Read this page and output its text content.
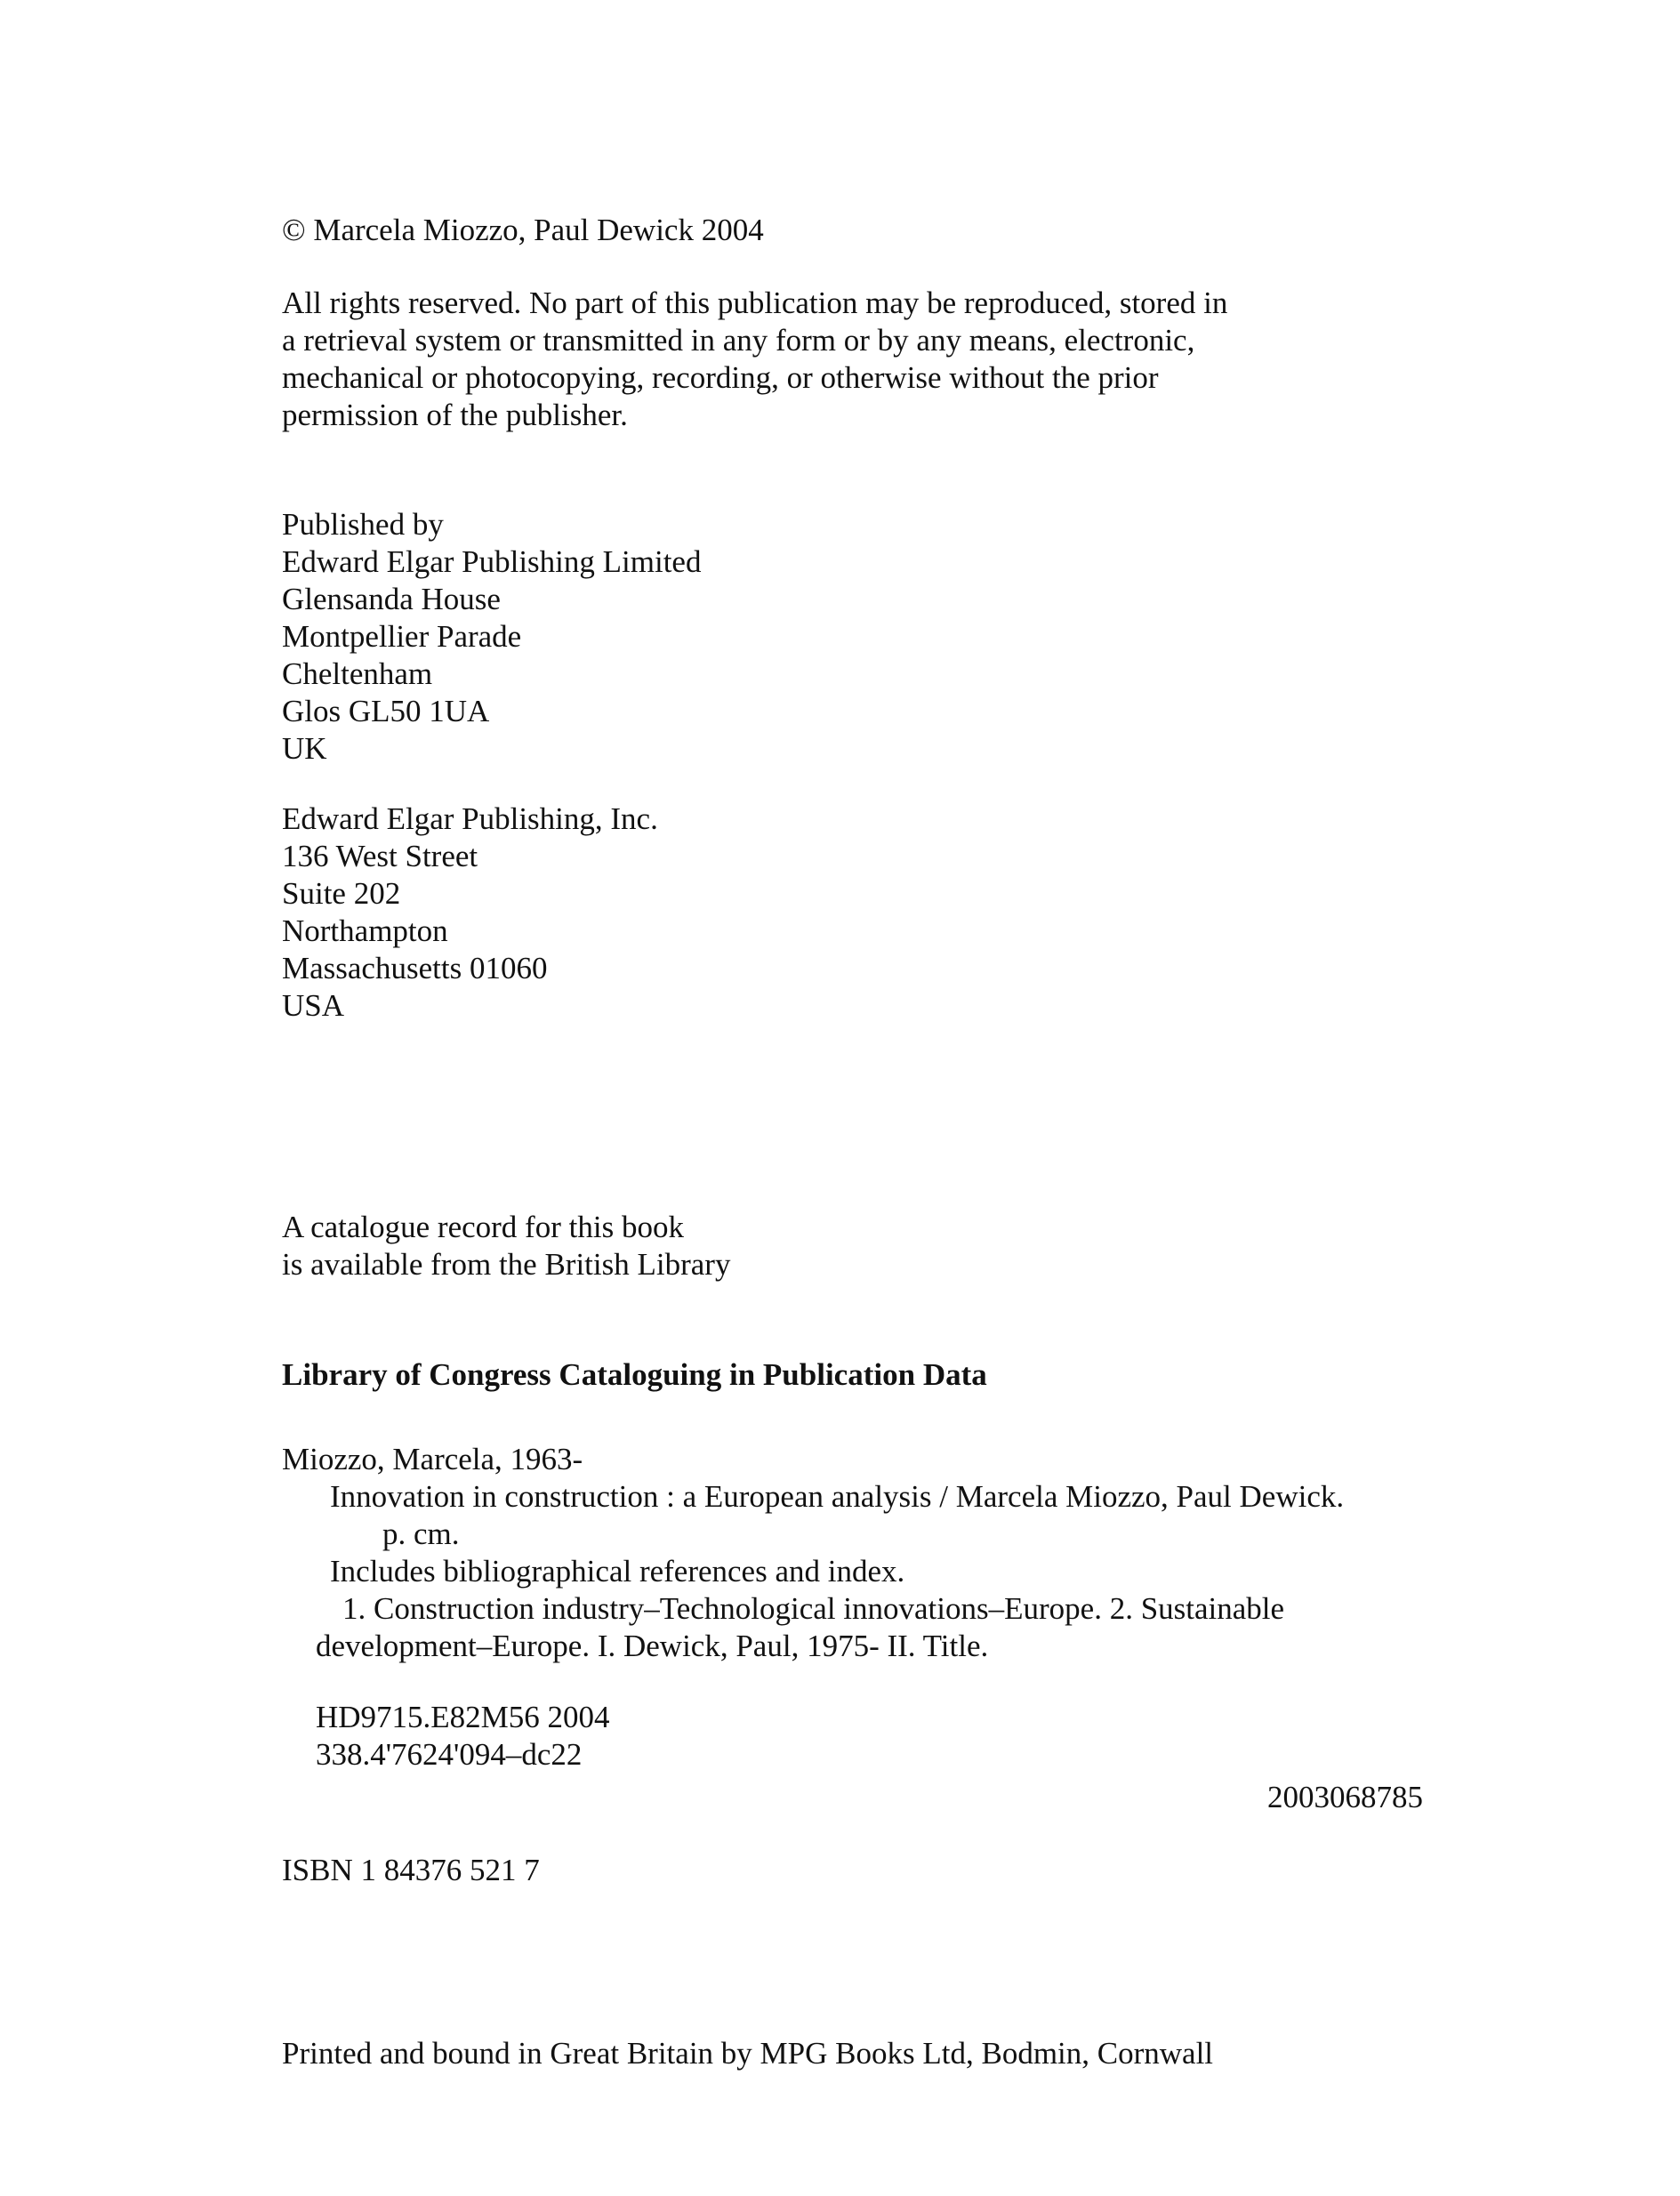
© Marcela Miozzo, Paul Dewick 2004

All rights reserved. No part of this publication may be reproduced, stored in
a retrieval system or transmitted in any form or by any means, electronic,
mechanical or photocopying, recording, or otherwise without the prior
permission of the publisher.

Published by
Edward Elgar Publishing Limited
Glensanda House
Montpellier Parade
Cheltenham
Glos GL50 1UA
UK

Edward Elgar Publishing, Inc.
136 West Street
Suite 202
Northampton
Massachusetts 01060
USA

A catalogue record for this book
is available from the British Library

Library of Congress Cataloguing in Publication Data

Miozzo, Marcela, 1963-
Innovation in construction : a European analysis / Marcela Miozzo, Paul Dewick.
p. cm.
Includes bibliographical references and index.
1. Construction industry–Technological innovations–Europe. 2. Sustainable
development–Europe. I. Dewick, Paul, 1975- II. Title.

HD9715.E82M56 2004
338.4'7624'094–dc22

2003068785

ISBN 1 84376 521 7

Printed and bound in Great Britain by MPG Books Ltd, Bodmin, Cornwall
